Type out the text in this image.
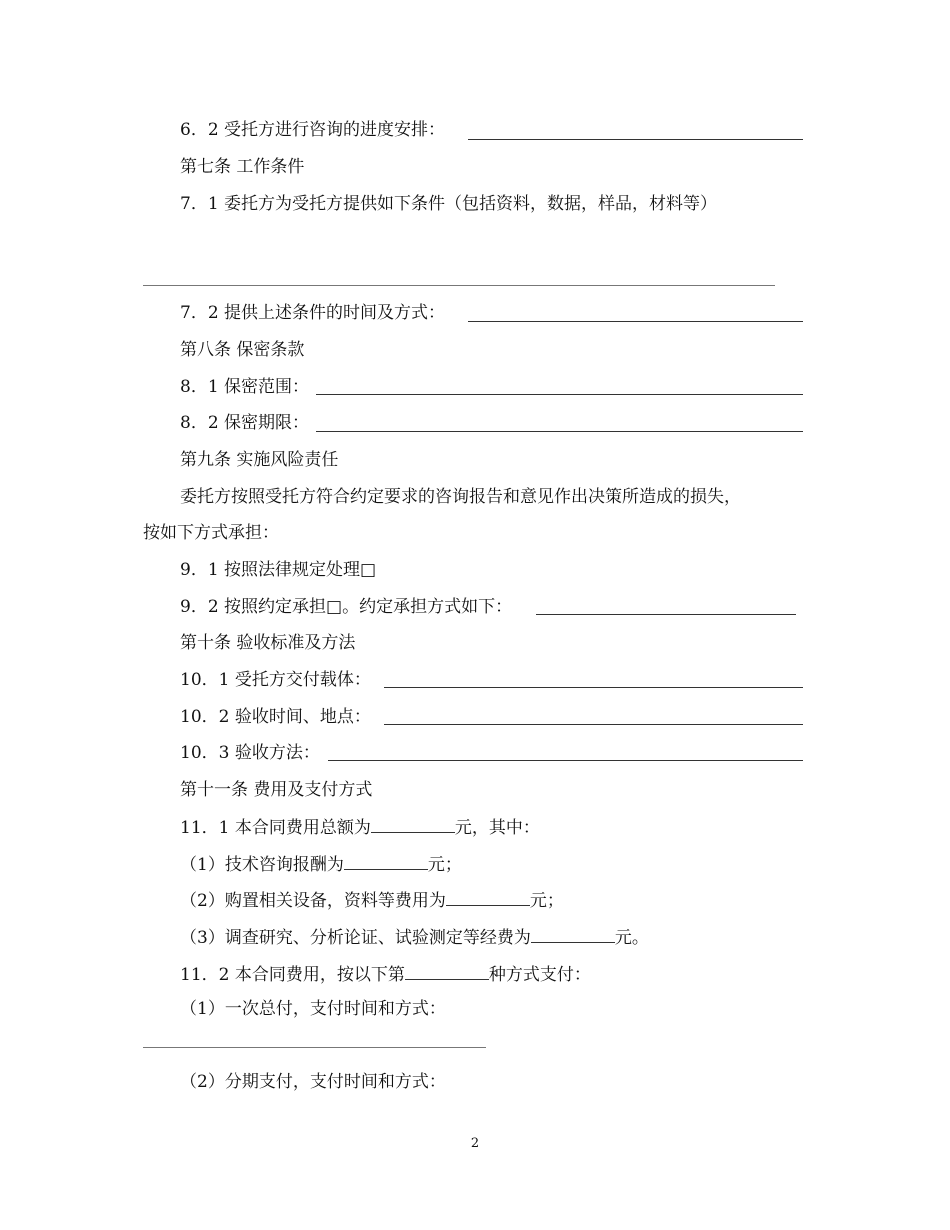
6．2 受托方进行咨询的进度安排：
第七条 工作条件
7．1 委托方为受托方提供如下条件（包括资料，数据，样品，材料等）
7．2 提供上述条件的时间及方式：
第八条 保密条款
8．1 保密范围：
8．2 保密期限：
第九条 实施风险责任
委托方按照受托方符合约定要求的咨询报告和意见作出决策所造成的损失，
按如下方式承担：
9．1 按照法律规定处理□
9．2 按照约定承担□。约定承担方式如下：
第十条 验收标准及方法
10．1 受托方交付载体：
10．2 验收时间、地点：
10．3 验收方法：
第十一条 费用及支付方式
11．1 本合同费用总额为	元，其中：
（1）技术咨询报酬为	元；
（2）购置相关设备，资料等费用为	元；
（3）调查研究、分析论证、试验测定等经费为	元。
11．2 本合同费用，按以下第	种方式支付：
（1）一次总付，支付时间和方式：
（2）分期支付，支付时间和方式：
2
